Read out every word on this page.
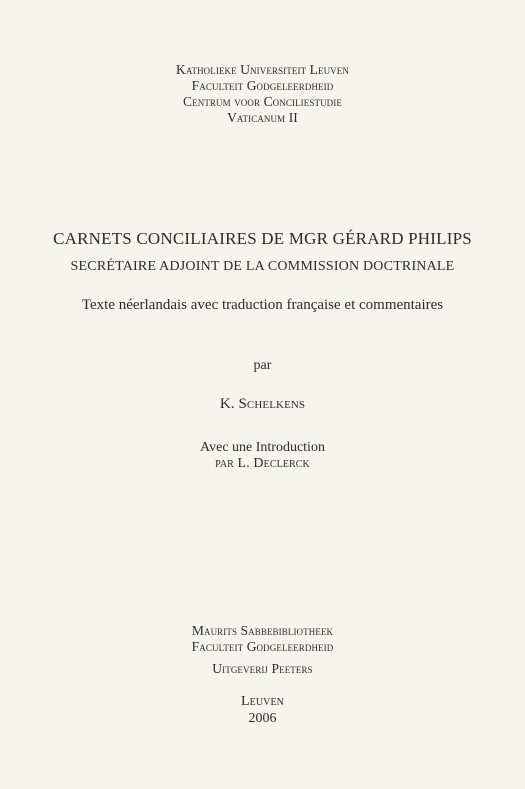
Katholieke Universiteit Leuven
Faculteit Godgeleerdheid
Centrum voor Conciliestudie
Vaticanum II
CARNETS CONCILIAIRES DE MGR GÉRARD PHILIPS
SECRÉTAIRE ADJOINT DE LA COMMISSION DOCTRINALE
Texte néerlandais avec traduction française et commentaires
par
K. Schelkens
Avec une Introduction
par L. Declerck
Maurits Sabbebibliotheek
Faculteit Godgeleerdheid
Uitgeverij Peeters
Leuven
2006
